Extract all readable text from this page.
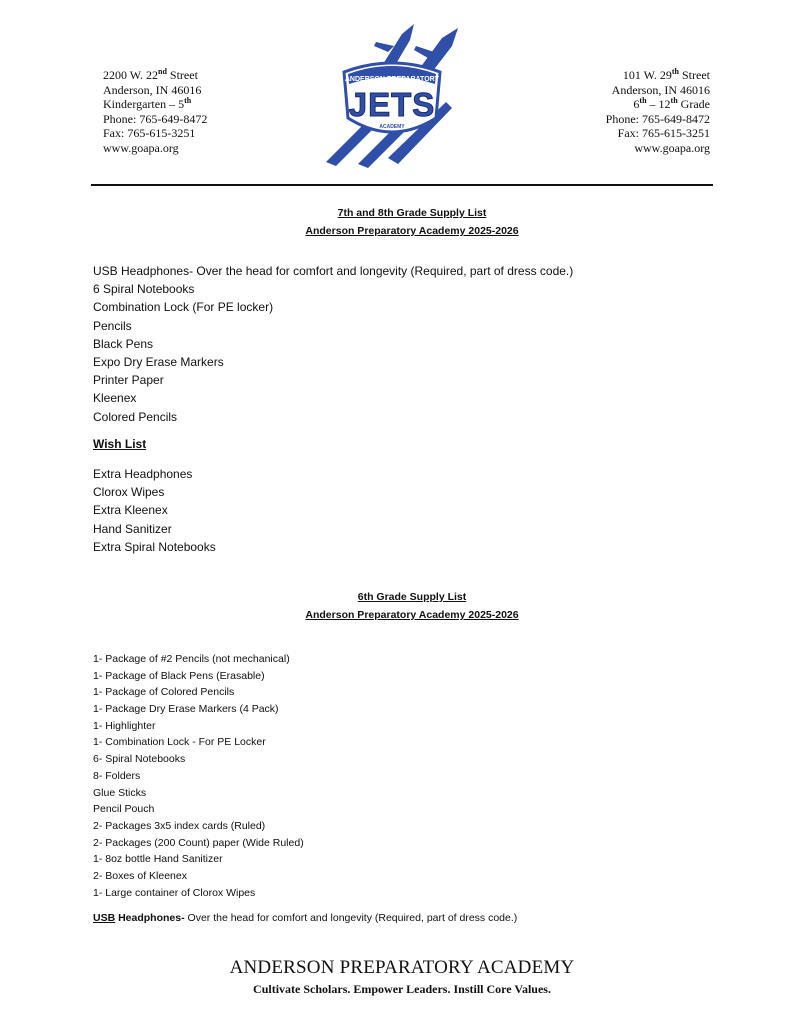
2200 W. 22nd Street
Anderson, IN 46016
Kindergarten – 5th
Phone: 765-649-8472
Fax: 765-615-3251
www.goapa.org
ANDERSON PREPARATORY
JETS
ACADEMY
101 W. 29th Street
Anderson, IN 46016
6th – 12th Grade
Phone: 765-649-8472
Fax: 765-615-3251
www.goapa.org
7th and 8th Grade Supply List
Anderson Preparatory Academy 2025-2026
USB Headphones- Over the head for comfort and longevity (Required, part of dress code.)
6 Spiral Notebooks
Combination Lock (For PE locker)
Pencils
Black Pens
Expo Dry Erase Markers
Printer Paper
Kleenex
Colored Pencils
Wish List
Extra Headphones
Clorox Wipes
Extra Kleenex
Hand Sanitizer
Extra Spiral Notebooks
6th Grade Supply List
Anderson Preparatory Academy 2025-2026
1- Package of #2 Pencils (not mechanical)
1- Package of Black Pens (Erasable)
1- Package of Colored Pencils
1- Package Dry Erase Markers (4 Pack)
1- Highlighter
1- Combination Lock - For PE Locker
6- Spiral Notebooks
8- Folders
Glue Sticks
Pencil Pouch
2- Packages 3x5 index cards (Ruled)
2- Packages (200 Count) paper (Wide Ruled)
1- 8oz bottle Hand Sanitizer
2- Boxes of Kleenex
1- Large container of Clorox Wipes
USB Headphones- Over the head for comfort and longevity (Required, part of dress code.)
ANDERSON PREPARATORY ACADEMY
Cultivate Scholars. Empower Leaders. Instill Core Values.
